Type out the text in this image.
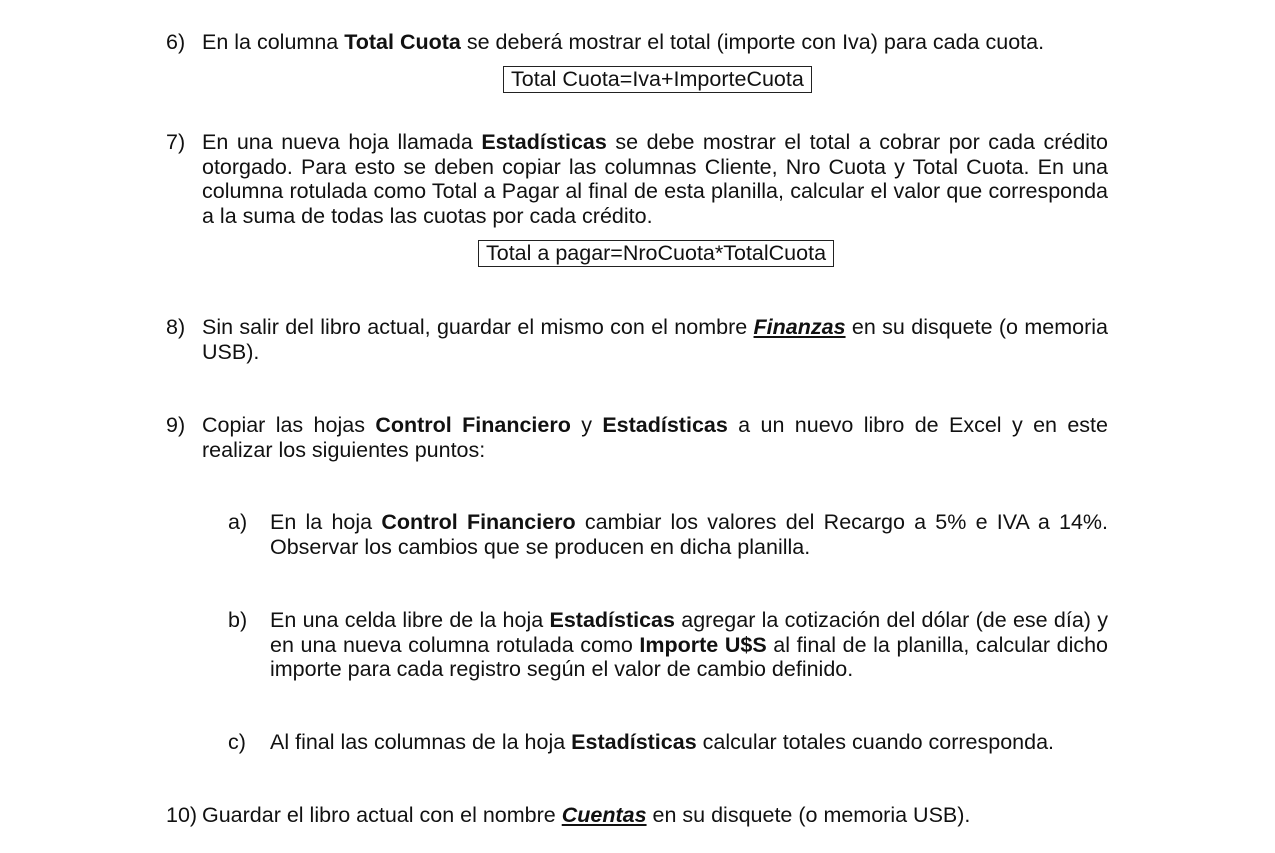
6) En la columna Total Cuota se deberá mostrar el total (importe con Iva) para cada cuota.
Total Cuota=Iva+ImporteCuota
7) En una nueva hoja llamada Estadísticas se debe mostrar el total a cobrar por cada crédito otorgado. Para esto se deben copiar las columnas Cliente, Nro Cuota y Total Cuota. En una columna rotulada como Total a Pagar al final de esta planilla, calcular el valor que corresponda a la suma de todas las cuotas por cada crédito.
Total a pagar=NroCuota*TotalCuota
8) Sin salir del libro actual, guardar el mismo con el nombre Finanzas en su disquete (o memoria USB).
9) Copiar las hojas Control Financiero y Estadísticas a un nuevo libro de Excel y en este realizar los siguientes puntos:
a) En la hoja Control Financiero cambiar los valores del Recargo a 5% e IVA a 14%. Observar los cambios que se producen en dicha planilla.
b) En una celda libre de la hoja Estadísticas agregar la cotización del dólar (de ese día) y en una nueva columna rotulada como Importe U$S al final de la planilla, calcular dicho importe para cada registro según el valor de cambio definido.
c) Al final las columnas de la hoja Estadísticas calcular totales cuando corresponda.
10) Guardar el libro actual con el nombre Cuentas en su disquete (o memoria USB).
